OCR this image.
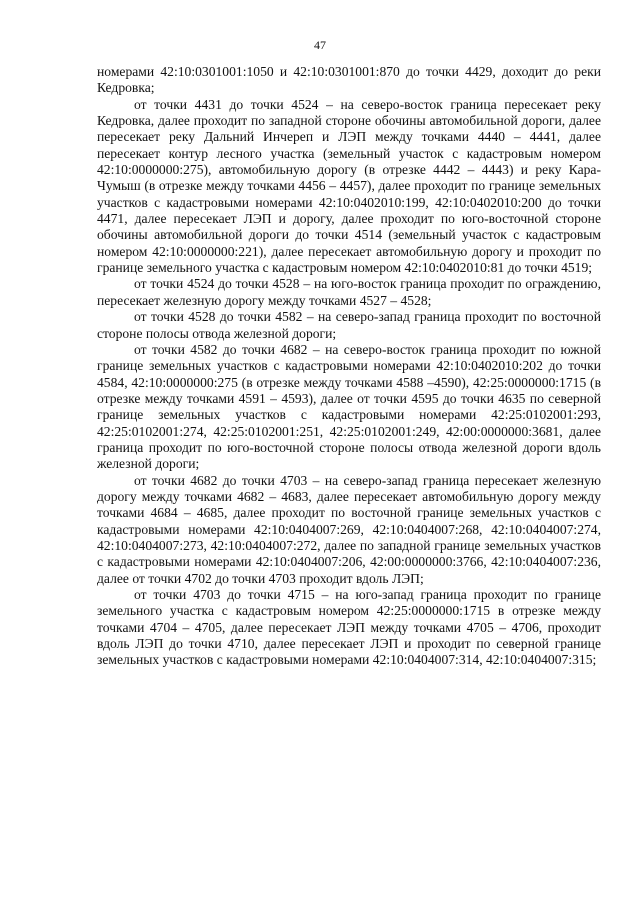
47

номерами 42:10:0301001:1050 и 42:10:0301001:870 до точки 4429, доходит до реки Кедровка;

от точки 4431 до точки 4524 – на северо-восток граница пересекает реку Кедровка, далее проходит по западной стороне обочины автомобильной дороги, далее пересекает реку Дальний Инчереп и ЛЭП между точками 4440 – 4441, далее пересекает контур лесного участка (земельный участок с кадастровым номером 42:10:0000000:275), автомобильную дорогу (в отрезке 4442 – 4443) и реку Кара-Чумыш (в отрезке между точками 4456 – 4457), далее проходит по границе земельных участков с кадастровыми номерами 42:10:0402010:199, 42:10:0402010:200 до точки 4471, далее пересекает ЛЭП и дорогу, далее проходит по юго-восточной стороне обочины автомобильной дороги до точки 4514 (земельный участок с кадастровым номером 42:10:0000000:221), далее пересекает автомобильную дорогу и проходит по границе земельного участка с кадастровым номером 42:10:0402010:81 до точки 4519;

от точки 4524 до точки 4528 – на юго-восток граница проходит по ограждению, пересекает железную дорогу между точками 4527 – 4528;

от точки 4528 до точки 4582 – на северо-запад граница проходит по восточной стороне полосы отвода железной дороги;

от точки 4582 до точки 4682 – на северо-восток граница проходит по южной границе земельных участков с кадастровыми номерами 42:10:0402010:202 до точки 4584, 42:10:0000000:275 (в отрезке между точками 4588 –4590), 42:25:0000000:1715 (в отрезке между точками 4591 – 4593), далее от точки 4595 до точки 4635 по северной границе земельных участков с кадастровыми номерами 42:25:0102001:293, 42:25:0102001:274, 42:25:0102001:251, 42:25:0102001:249, 42:00:0000000:3681, далее граница проходит по юго-восточной стороне полосы отвода железной дороги вдоль железной дороги;

от точки 4682 до точки 4703 – на северо-запад граница пересекает железную дорогу между точками 4682 – 4683, далее пересекает автомобильную дорогу между точками 4684 – 4685, далее проходит по восточной границе земельных участков с кадастровыми номерами 42:10:0404007:269, 42:10:0404007:268, 42:10:0404007:274, 42:10:0404007:273, 42:10:0404007:272, далее по западной границе земельных участков с кадастровыми номерами 42:10:0404007:206, 42:00:0000000:3766, 42:10:0404007:236, далее от точки 4702 до точки 4703 проходит вдоль ЛЭП;

от точки 4703 до точки 4715 – на юго-запад граница проходит по границе земельного участка с кадастровым номером 42:25:0000000:1715 в отрезке между точками 4704 – 4705, далее пересекает ЛЭП между точками 4705 – 4706, проходит вдоль ЛЭП до точки 4710, далее пересекает ЛЭП и проходит по северной границе земельных участков с кадастровыми номерами 42:10:0404007:314, 42:10:0404007:315;
